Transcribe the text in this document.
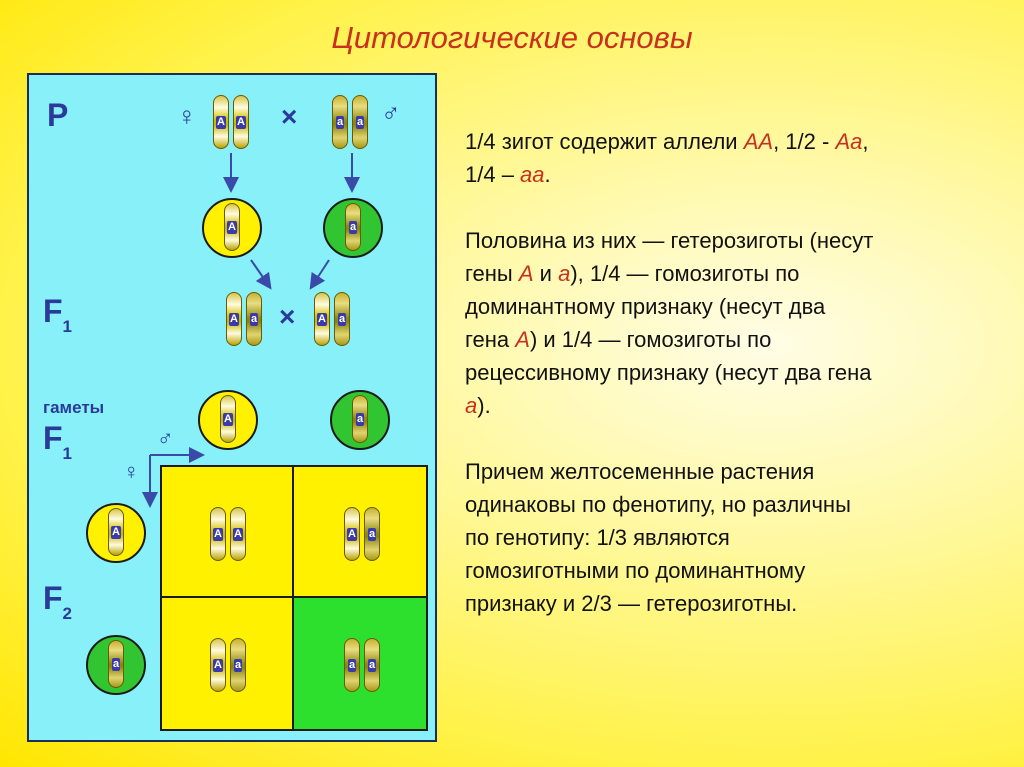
Цитологические основы
P	♀ А А ×	а а ♂
А	а
F1	А а × А а
гаметы
F1
А	а
♂
♀
А
F2
а
А А	А а
А а	а а

1/4 зигот содержит аллели АА, 1/2 - Аа,
1/4 – аа.

Половина из них — гетерозиготы (несут
гены А и а), 1/4 — гомозиготы по
доминантному признаку (несут два
гена А) и 1/4 — гомозиготы по
рецессивному признаку (несут два гена
а).

Причем желтосеменные растения
одинаковы по фенотипу, но различны
по генотипу: 1/3 являются
гомозиготными по доминантному
признаку и 2/3 — гетерозиготны.
